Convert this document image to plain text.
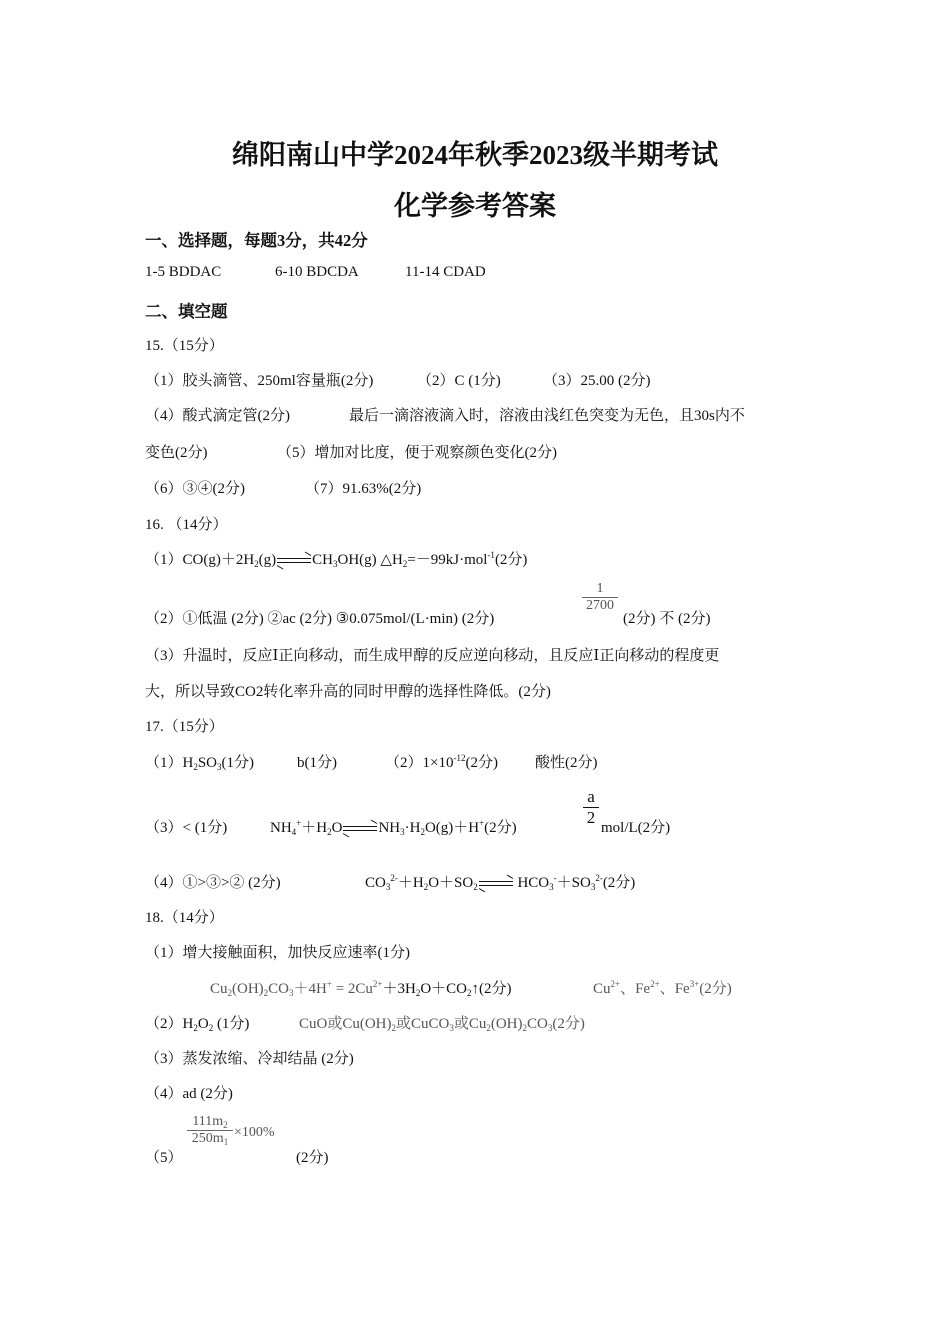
绵阳南山中学2024年秋季2023级半期考试
化学参考答案
一、选择题，每题3分，共42分
1-5 BDDAC	6-10 BDCDA	11-14 CDAD
二、填空题
15.（15分）
（1）胶头滴管、250ml容量瓶(2分)	（2）C (1分)	（3）25.00 (2分)
（4）酸式滴定管(2分)	最后一滴溶液滴入时，溶液由浅红色突变为无色，且30s内不
变色(2分)	（5）增加对比度，便于观察颜色变化(2分)
（6）③④(2分)	（7）91.63%(2分)
16. （14分）
$(1)CO(g)+2H_2(g)$ $CH_3OH(g)$ $\triangle H_2=-99kJ\cdot mol^{-1}(2$分)
（2）①低温 (2分) ②ac (2分) ③0.075mol/(L·min) (2分)	(2分) 不 (2分)
1
2700
（3）升温时，反应Ⅰ正向移动，而生成甲醇的反应逆向移动，且反应Ⅰ正向移动的程度更
大，所以导致CO2转化率升高的同时甲醇的选择性降低。(2分)
17.（15分）
$(1)H_2SO_3(1$分)	b(1分)	$(2)1\times 10^{-12}(2$分) 酸性(2分)
（3）< (1分)	$NH_4^++H_2O$ $NH_3\cdot H_2O(g)+H^+(2$分)	mol/L(2分)
a
2
（4）①>③>② (2分)	$CO_3^{2-}+H_2O+SO_2$	$HCO_3^-+SO_3^{2-}(2$分)
18.（14分）
（1）增大接触面积，加快反应速率(1分)
$Cu_2(OH)_2CO_3+4H^+$ = $2Cu^{2+}+3H_2O+CO_2↑(2$分)	$Cu^{2+}$、$Fe^{2+}$、$Fe^{3+}(2$分)
$(2)H_2O_2$ (1分)	CuO或$Cu(OH)_2$或CuCO$_3$或$Cu_2(OH)_2CO_3(2$分)
（3）蒸发浓缩、冷却结晶 (2分)
（4）ad (2分)
（5）	(2分)
$111m_2$
$250m_1$
×100%
